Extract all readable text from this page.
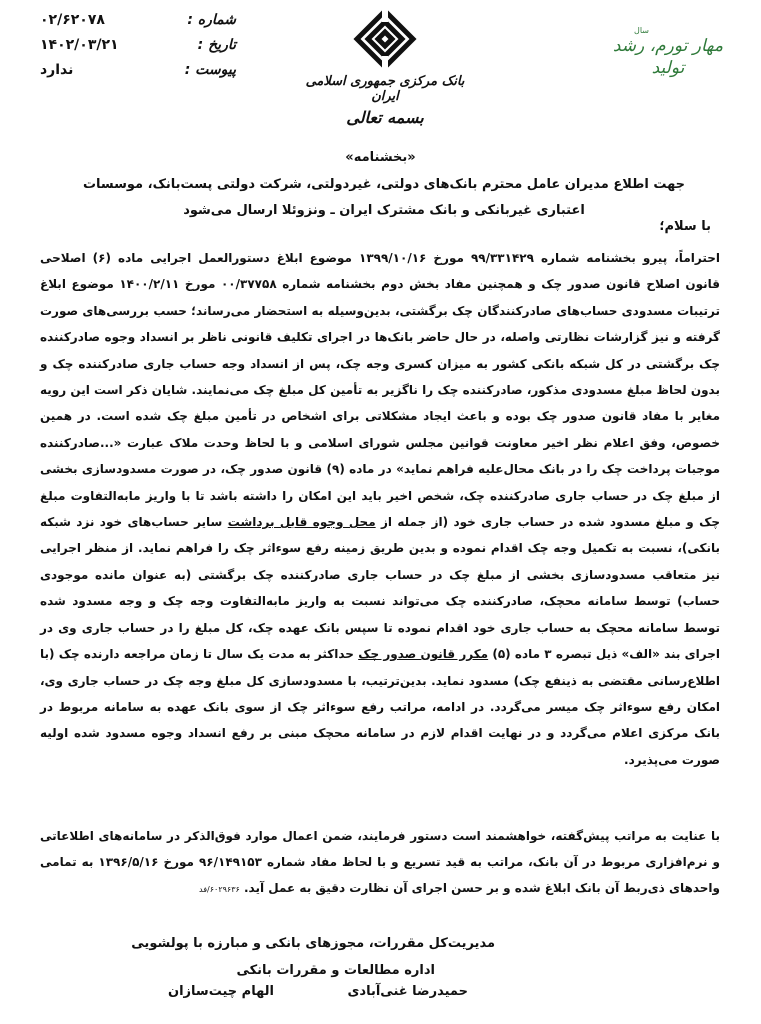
شماره :
۰۲/۶۲۰۷۸
تاریخ :
۱۴۰۲/۰۳/۲۱
پیوست :
ندارد
بانک مرکزی جمهوری اسلامی ایران
بسمه تعالی
سال
مهار تورم، رشد تولید
«بخشنامه»
جهت اطلاع مدیران عامل محترم بانک‌های دولتی، غیردولتی، شرکت دولتی پست‌بانک، موسسات اعتباری غیربانکی و بانک مشترک ایران ـ ونزوئلا ارسال می‌شود
با سلام؛

احتراماً، پیرو بخشنامه شماره ۹۹/۳۳۱۴۲۹ مورخ ۱۳۹۹/۱۰/۱۶ موضوع ابلاغ دستورالعمل اجرایی ماده (۶) اصلاحی قانون اصلاح قانون صدور چک و همچنین مفاد بخش دوم بخشنامه شماره ۰۰/۳۷۷۵۸ مورخ ۱۴۰۰/۲/۱۱ موضوع ابلاغ ترتیبات مسدودی حساب‌های صادرکنندگان چک برگشتی، بدین‌وسیله به استحضار می‌رساند؛ حسب بررسی‌های صورت گرفته و نیز گزارشات نظارتی واصله، در حال حاضر بانک‌ها در اجرای تکلیف قانونی ناظر بر انسداد وجوه صادرکننده چک برگشتی در کل شبکه بانکی کشور به میزان کسری وجه چک، پس از انسداد وجه حساب جاری صادرکننده چک و بدون لحاظ مبلغ مسدودی مذکور، صادرکننده چک را ناگزیر به تأمین کل مبلغ چک می‌نمایند. شایان ذکر است این رویه مغایر با مفاد قانون صدور چک بوده و باعث ایجاد مشکلاتی برای اشخاص در تأمین مبلغ چک شده است. در همین خصوص، وفق اعلام نظر اخیر معاونت قوانین مجلس شورای اسلامی و با لحاظ وحدت ملاک عبارت «...صادرکننده موجبات پرداخت چک را در بانک محال‌علیه فراهم نماید» در ماده (۹) قانون صدور چک، در صورت مسدودسازی بخشی از مبلغ چک در حساب جاری صادرکننده چک، شخص اخیر باید این امکان را داشته باشد تا با واریز مابه‌التفاوت مبلغ چک و مبلغ مسدود شده در حساب جاری خود (از جمله از محل وجوه قابل برداشت سایر حساب‌های خود نزد شبکه بانکی)، نسبت به تکمیل وجه چک اقدام نموده و بدین طریق زمینه رفع سوءاثر چک را فراهم نماید. از منظر اجرایی نیز متعاقب مسدودسازی بخشی از مبلغ چک در حساب جاری صادرکننده چک برگشتی (به عنوان مانده موجودی حساب) توسط سامانه محچک، صادرکننده چک می‌تواند نسبت به واریز مابه‌التفاوت وجه چک و وجه مسدود شده توسط سامانه محچک به حساب جاری خود اقدام نموده تا سپس بانک عهده چک، کل مبلغ را در حساب جاری وی در اجرای بند «الف» ذیل تبصره ۳ ماده (۵) مکرر قانون صدور چک حداکثر به مدت یک سال تا زمان مراجعه دارنده چک (با اطلاع‌رسانی مقتضی به ذینفع چک) مسدود نماید. بدین‌ترتیب، با مسدودسازی کل مبلغ وجه چک در حساب جاری وی، امکان رفع سوءاثر چک میسر می‌گردد. در ادامه، مراتب رفع سوءاثر چک از سوی بانک عهده به سامانه مربوط در بانک مرکزی اعلام می‌گردد و در نهایت اقدام لازم در سامانه محچک مبنی بر رفع انسداد وجوه مسدود شده اولیه صورت می‌پذیرد.

با عنایت به مراتب پیش‌گفته، خواهشمند است دستور فرمایند، ضمن اعمال موارد فوق‌الذکر در سامانه‌های اطلاعاتی و نرم‌افزاری مربوط در آن بانک، مراتب به قید تسریع و با لحاظ مفاد شماره ۹۶/۱۴۹۱۵۳ مورخ ۱۳۹۶/۵/۱۶ به تمامی واحدهای ذی‌ربط آن بانک ابلاغ شده و بر حسن اجرای آن نظارت دقیق به عمل آید. ۶۰۲۹۶۳۶/فد
مدیریت‌کل مقررات، مجوزهای بانکی و مبارزه با پولشویی
اداره مطالعات و مقررات بانکی
حمیدرضا غنی‌آبادی
الهام چیت‌سازان
